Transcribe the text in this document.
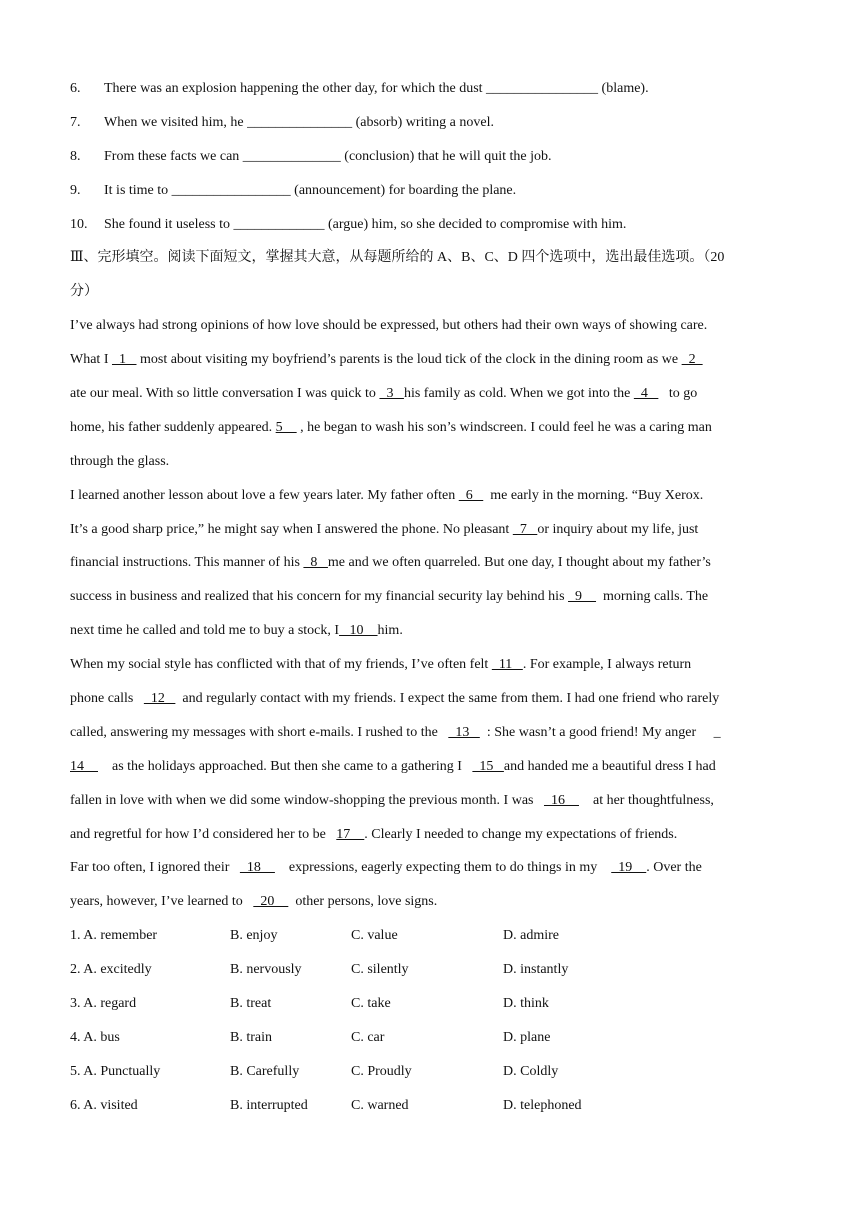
6. There was an explosion happening the other day, for which the dust ________________ (blame).
7. When we visited him, he _______________ (absorb) writing a novel.
8. From these facts we can ______________ (conclusion) that he will quit the job.
9. It is time to _________________ (announcement) for boarding the plane.
10. She found it useless to _____________ (argue) him, so she decided to compromise with him.
Ⅲ、完形填空。阅读下面短文，掌握其大意，从每题所给的 A、B、C、D 四个选项中，选出最佳选项。（20
分）
I’ve always had strong opinions of how love should be expressed, but others had their own ways of showing care.
What I   1    most about visiting my boyfriend’s parents is the loud tick of the clock in the dining room as we   2
ate our meal. With so little conversation I was quick to   3   his family as cold. When we got into the   4      to go
home, his father suddenly appeared. 5     , he began to wash his son’s windscreen. I could feel he was a caring man
through the glass.
I learned another lesson about love a few years later. My father often   6     me early in the morning. “Buy Xerox.
It’s a good sharp price,” he might say when I answered the phone. No pleasant   7   or inquiry about my life, just
financial instructions. This manner of his   8   me and we often quarreled. But one day, I thought about my father’s
success in business and realized that his concern for my financial security lay behind his   9      morning calls. The
next time he called and told me to buy a stock, I   10    him.
When my social style has conflicted with that of my friends, I’ve often felt   11   . For example, I always return
phone calls     12     and regularly contact with my friends. I expect the same from them. I had one friend who rarely
called, answering my messages with short e-mails. I rushed to the     13     : She wasn’t a good friend! My anger     _
14        as the holidays approached. But then she came to a gathering I     15   and handed me a beautiful dress I had
fallen in love with when we did some window-shopping the previous month. I was     16        at her thoughtfulness,
and regretful for how I’d considered her to be   17    . Clearly I needed to change my expectations of friends.
Far too often, I ignored their     18        expressions, eagerly expecting them to do things in my      19    . Over the
years, however, I’ve learned to     20      other persons, love signs.
1. A. remember	B. enjoy	C. value	D. admire
2. A. excitedly	B. nervously	C. silently	D. instantly
3. A. regard	B. treat	C. take	D. think
4. A. bus	B. train	C. car	D. plane
5. A. Punctually	B. Carefully	C. Proudly	D. Coldly
6. A. visited	B. interrupted	C. warned	D. telephoned
